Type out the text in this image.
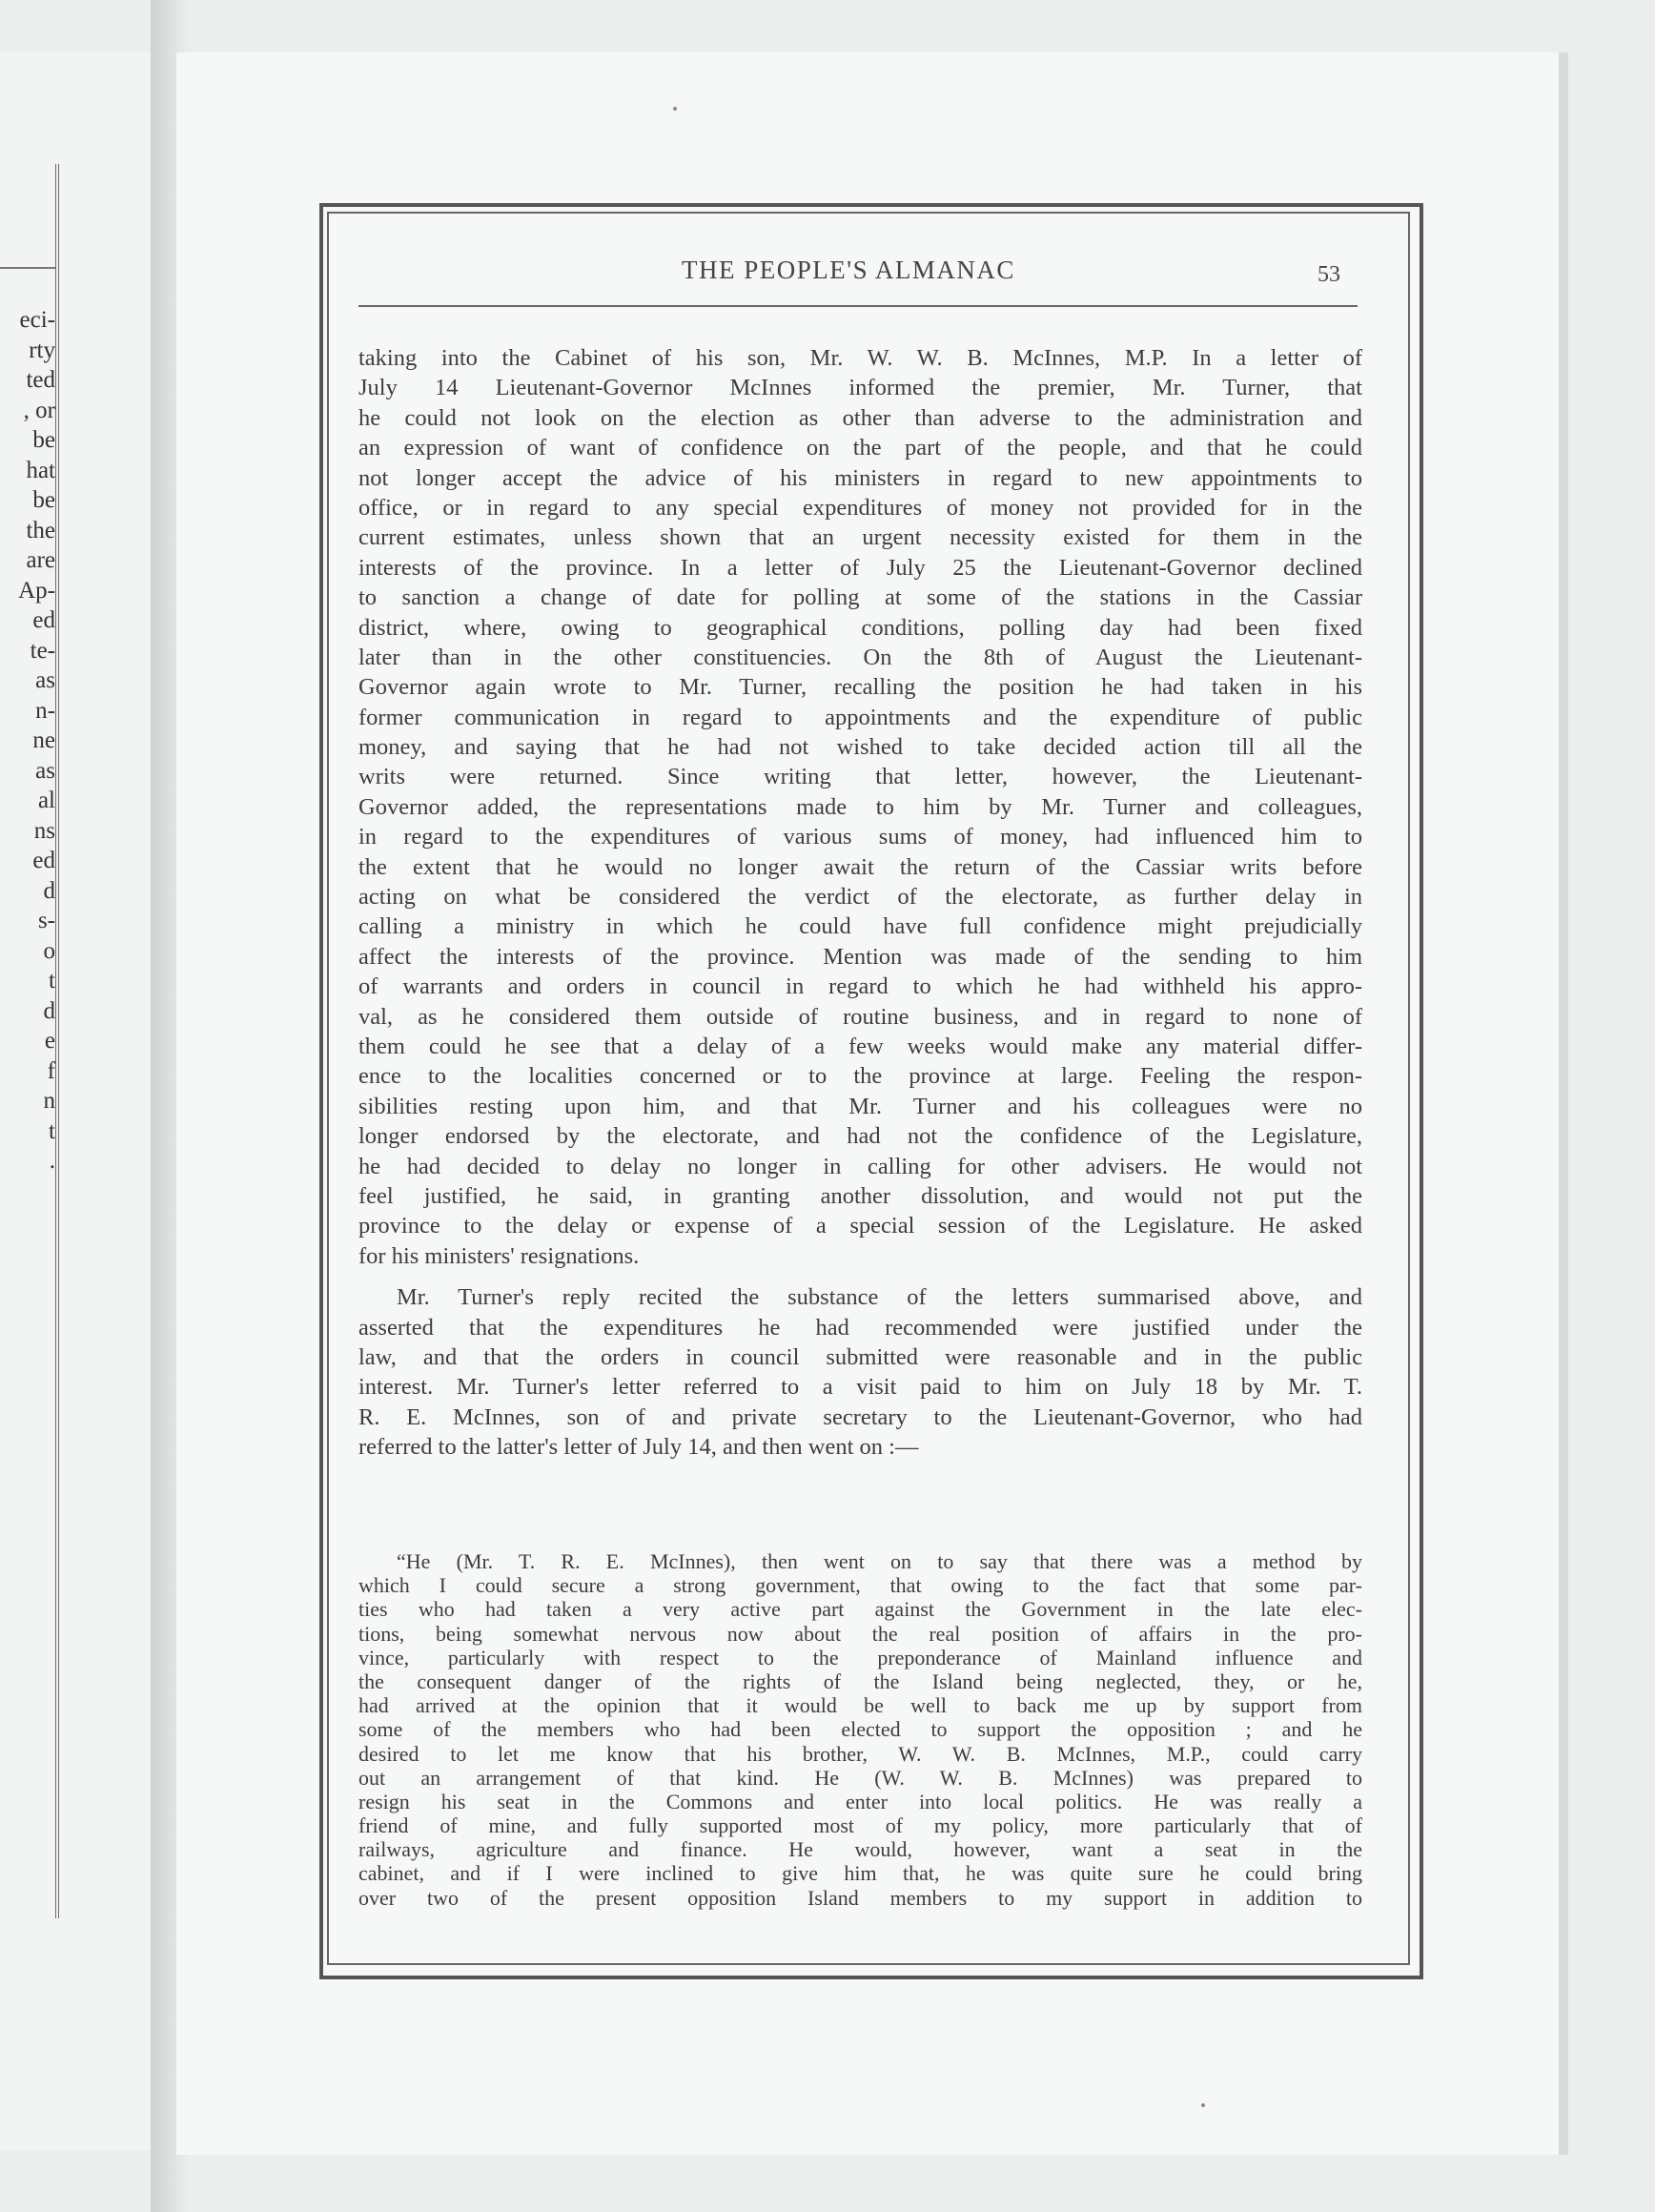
eci-
rty
ted
, or
be
hat
be
the
are
Ap-
ed
te-
as
n-
ne
as
al
ns
ed
d
s-
o
t
d
e
f
n
t
.
THE PEOPLE'S ALMANAC	53
taking into the Cabinet of his son, Mr. W. W. B. McInnes, M.P. In a letter of
July 14 Lieutenant-Governor McInnes informed the premier, Mr. Turner, that
he could not look on the election as other than adverse to the administration and
an expression of want of confidence on the part of the people, and that he could
not longer accept the advice of his ministers in regard to new appointments to
office, or in regard to any special expenditures of money not provided for in the
current estimates, unless shown that an urgent necessity existed for them in the
interests of the province. In a letter of July 25 the Lieutenant-Governor declined
to sanction a change of date for polling at some of the stations in the Cassiar
district, where, owing to geographical conditions, polling day had been fixed
later than in the other constituencies. On the 8th of August the Lieutenant-
Governor again wrote to Mr. Turner, recalling the position he had taken in his
former communication in regard to appointments and the expenditure of public
money, and saying that he had not wished to take decided action till all the
writs were returned. Since writing that letter, however, the Lieutenant-
Governor added, the representations made to him by Mr. Turner and colleagues,
in regard to the expenditures of various sums of money, had influenced him to
the extent that he would no longer await the return of the Cassiar writs before
acting on what be considered the verdict of the electorate, as further delay in
calling a ministry in which he could have full confidence might prejudicially
affect the interests of the province. Mention was made of the sending to him
of warrants and orders in council in regard to which he had withheld his appro-
val, as he considered them outside of routine business, and in regard to none of
them could he see that a delay of a few weeks would make any material differ-
ence to the localities concerned or to the province at large. Feeling the respon-
sibilities resting upon him, and that Mr. Turner and his colleagues were no
longer endorsed by the electorate, and had not the confidence of the Legislature,
he had decided to delay no longer in calling for other advisers. He would not
feel justified, he said, in granting another dissolution, and would not put the
province to the delay or expense of a special session of the Legislature. He asked
for his ministers' resignations.
Mr. Turner's reply recited the substance of the letters summarised above, and
asserted that the expenditures he had recommended were justified under the
law, and that the orders in council submitted were reasonable and in the public
interest. Mr. Turner's letter referred to a visit paid to him on July 18 by Mr. T.
R. E. McInnes, son of and private secretary to the Lieutenant-Governor, who had
referred to the latter's letter of July 14, and then went on :—
“He (Mr. T. R. E. McInnes), then went on to say that there was a method by
which I could secure a strong government, that owing to the fact that some par-
ties who had taken a very active part against the Government in the late elec-
tions, being somewhat nervous now about the real position of affairs in the pro-
vince, particularly with respect to the preponderance of Mainland influence and
the consequent danger of the rights of the Island being neglected, they, or he,
had arrived at the opinion that it would be well to back me up by support from
some of the members who had been elected to support the opposition ; and he
desired to let me know that his brother, W. W. B. McInnes, M.P., could carry
out an arrangement of that kind. He (W. W. B. McInnes) was prepared to
resign his seat in the Commons and enter into local politics. He was really a
friend of mine, and fully supported most of my policy, more particularly that of
railways, agriculture and finance. He would, however, want a seat in the
cabinet, and if I were inclined to give him that, he was quite sure he could bring
over two of the present opposition Island members to my support in addition to
